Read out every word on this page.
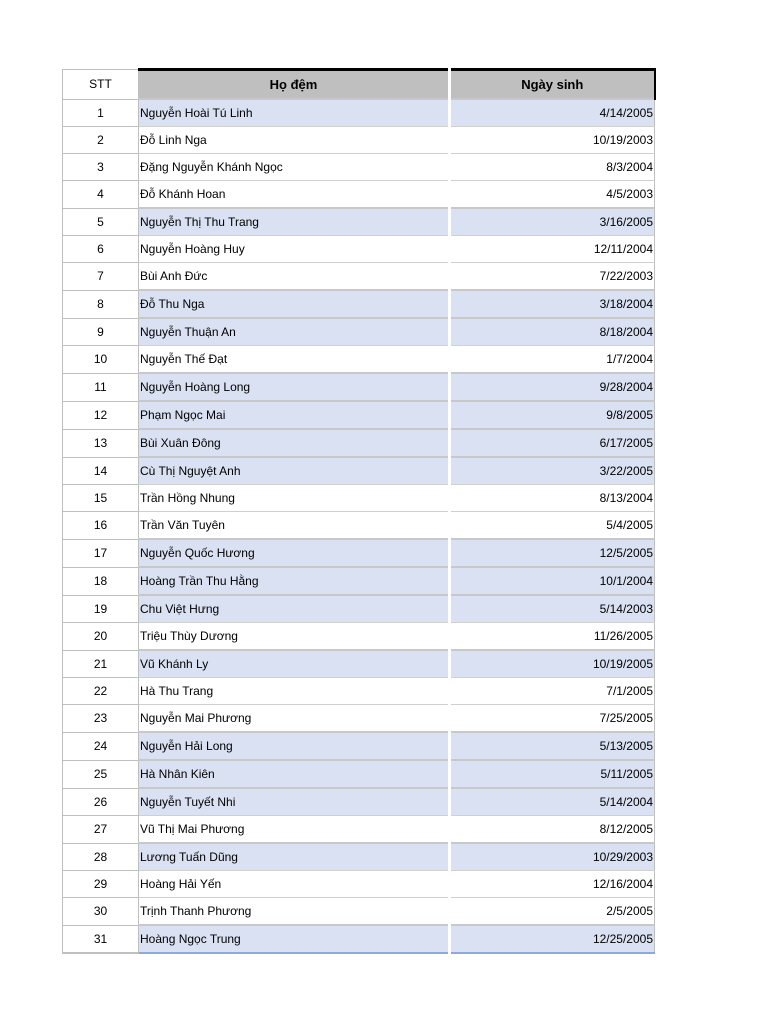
STT	Họ đệm	Ngày sinh
1	Nguyễn Hoài Tú Linh	4/14/2005
2	Đỗ Linh Nga	10/19/2003
3	Đặng Nguyễn Khánh Ngọc	8/3/2004
4	Đỗ Khánh Hoan	4/5/2003
5	Nguyễn Thị Thu Trang	3/16/2005
6	Nguyễn Hoàng Huy	12/11/2004
7	Bùi Anh Đức	7/22/2003
8	Đỗ Thu Nga	3/18/2004
9	Nguyễn Thuận An	8/18/2004
10	Nguyễn Thế Đạt	1/7/2004
11	Nguyễn Hoàng Long	9/28/2004
12	Phạm Ngọc Mai	9/8/2005
13	Bùi Xuân Đông	6/17/2005
14	Cù Thị Nguyệt Anh	3/22/2005
15	Trần Hồng Nhung	8/13/2004
16	Trần Văn Tuyên	5/4/2005
17	Nguyễn Quốc Hương	12/5/2005
18	Hoàng Trần Thu Hằng	10/1/2004
19	Chu Việt Hưng	5/14/2003
20	Triệu Thùy Dương	11/26/2005
21	Vũ Khánh Ly	10/19/2005
22	Hà Thu Trang	7/1/2005
23	Nguyễn Mai Phương	7/25/2005
24	Nguyễn Hải Long	5/13/2005
25	Hà Nhân Kiên	5/11/2005
26	Nguyễn Tuyết Nhi	5/14/2004
27	Vũ Thị Mai Phương	8/12/2005
28	Lương Tuấn Dũng	10/29/2003
29	Hoàng Hải Yến	12/16/2004
30	Trịnh Thanh Phương	2/5/2005
31	Hoàng Ngọc Trung	12/25/2005
